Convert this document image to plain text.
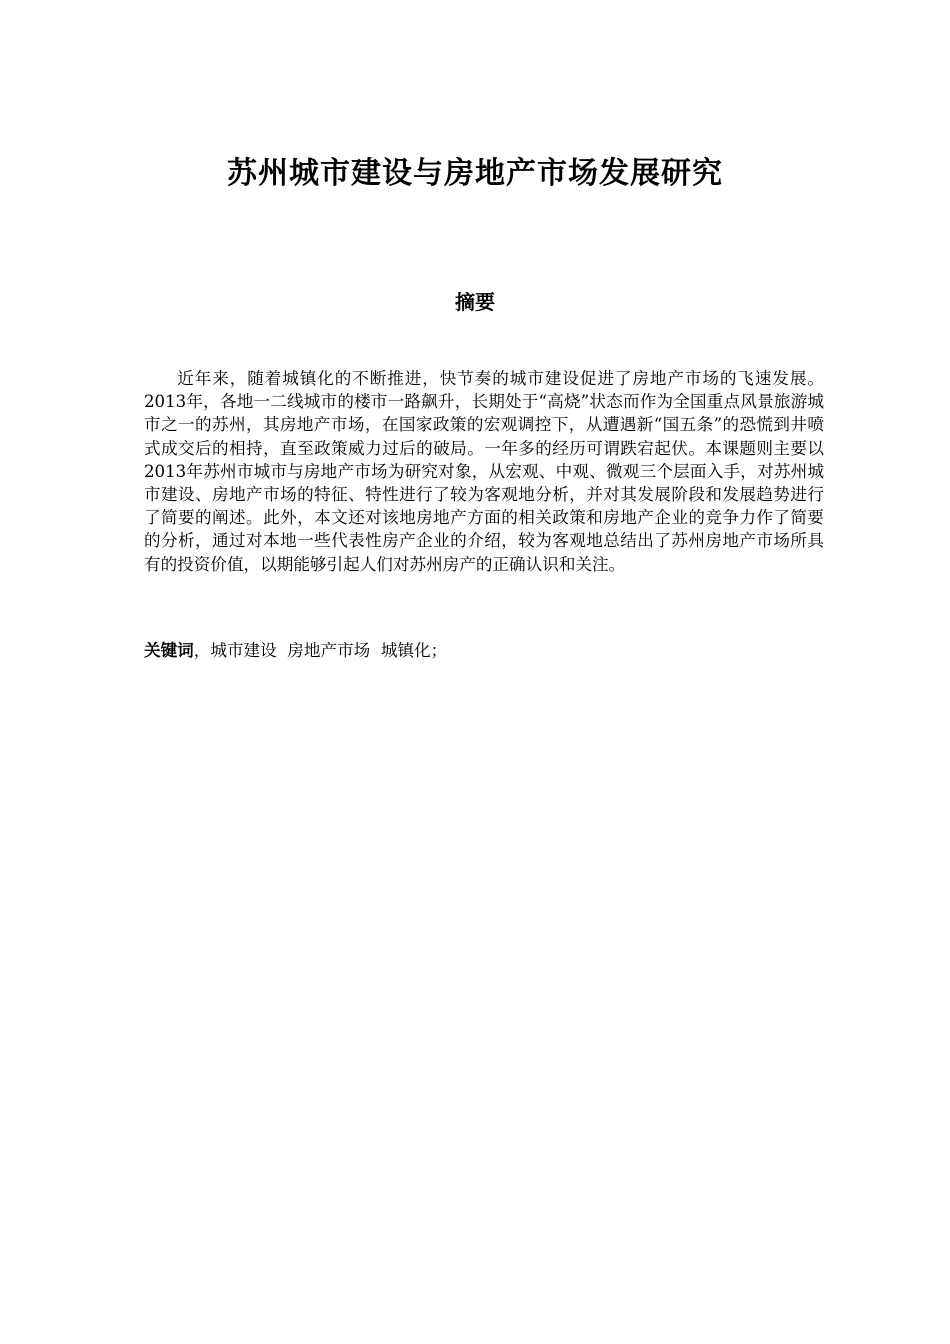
苏州城市建设与房地产市场发展研究
摘要

近年来，随着城镇化的不断推进，快节奏的城市建设促进了房地产市场的飞速发展。2013年，各地一二线城市的楼市一路飙升，长期处于“高烧”状态而作为全国重点风景旅游城市之一的苏州，其房地产市场，在国家政策的宏观调控下，从遭遇新“国五条”的恐慌到井喷式成交后的相持，直至政策威力过后的破局。一年多的经历可谓跌宕起伏。本课题则主要以2013年苏州市城市与房地产市场为研究对象，从宏观、中观、微观三个层面入手，对苏州城市建设、房地产市场的特征、特性进行了较为客观地分析，并对其发展阶段和发展趋势进行了简要的阐述。此外，本文还对该地房地产方面的相关政策和房地产企业的竞争力作了简要的分析，通过对本地一些代表性房产企业的介绍，较为客观地总结出了苏州房地产市场所具有的投资价值，以期能够引起人们对苏州房产的正确认识和关注。

关键词，城市建设  房地产市场  城镇化；
